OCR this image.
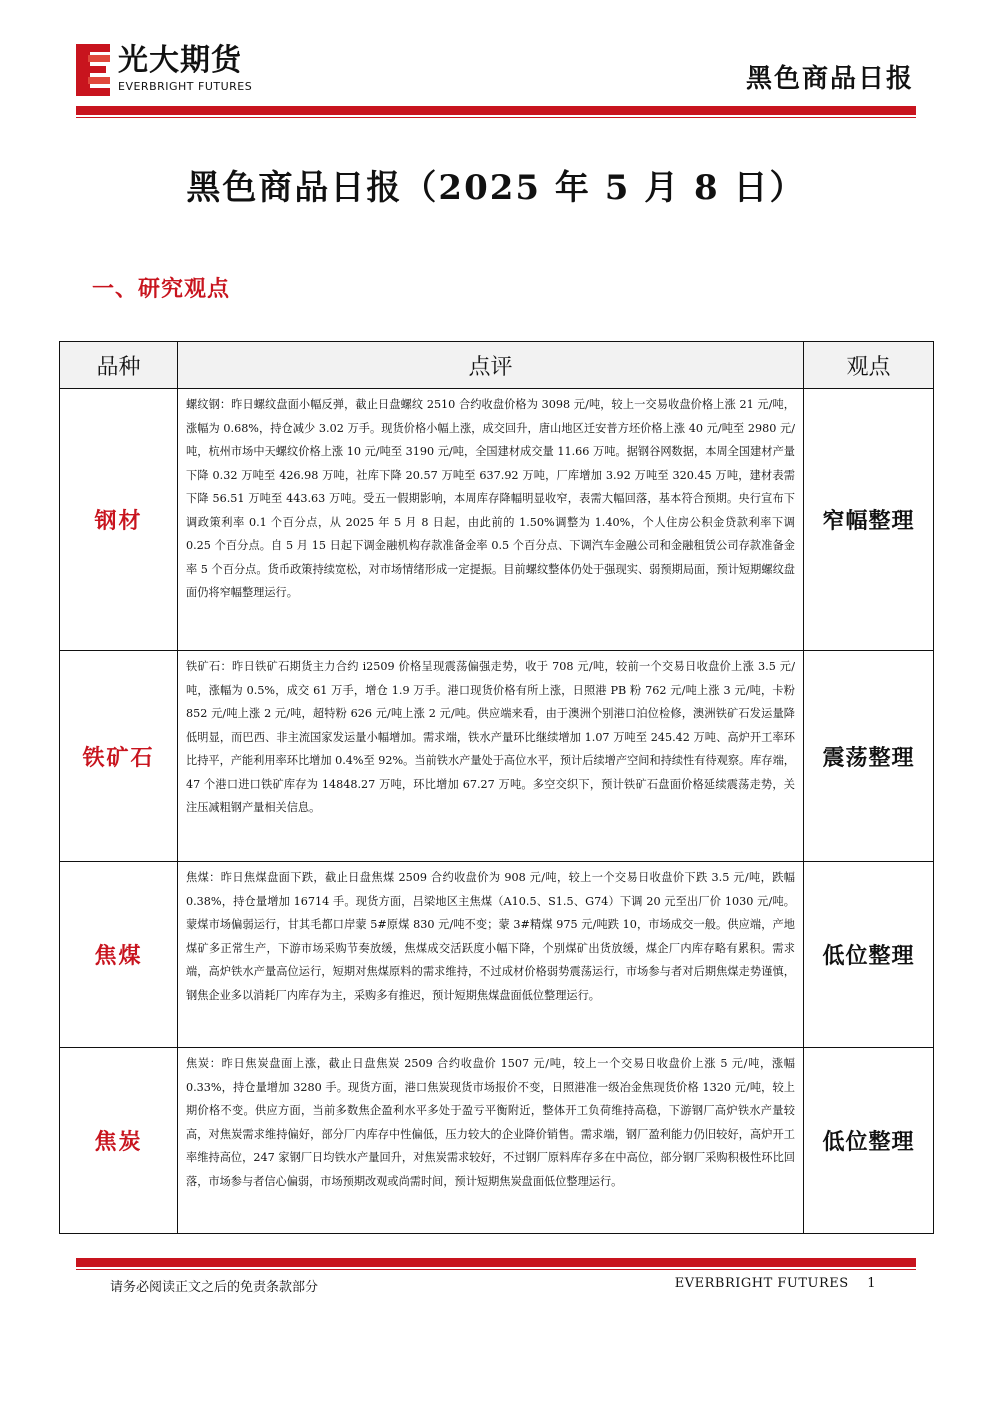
光大期货
EVERBRIGHT FUTURES	黑色商品日报
黑色商品日报（2025 年 5 月 8 日）
一、研究观点
品种	点评	观点
钢材	螺纹钢：昨日螺纹盘面小幅反弹，截止日盘螺纹 2510 合约收盘价格为 3098 元/吨，较上一交易收盘价格上涨 21 元/吨，涨幅为 0.68%，持仓减少 3.02 万手。现货价格小幅上涨，成交回升，唐山地区迁安普方坯价格上涨 40 元/吨至 2980 元/吨，杭州市场中天螺纹价格上涨 10 元/吨至 3190 元/吨，全国建材成交量 11.66 万吨。据钢谷网数据，本周全国建材产量下降 0.32 万吨至 426.98 万吨，社库下降 20.57 万吨至 637.92 万吨，厂库增加 3.92 万吨至 320.45 万吨，建材表需下降 56.51 万吨至 443.63 万吨。受五一假期影响，本周库存降幅明显收窄，表需大幅回落，基本符合预期。央行宣布下调政策利率 0.1 个百分点，从 2025 年 5 月 8 日起，由此前的 1.50%调整为 1.40%，个人住房公积金贷款利率下调 0.25 个百分点。自 5 月 15 日起下调金融机构存款准备金率 0.5 个百分点、下调汽车金融公司和金融租赁公司存款准备金率 5 个百分点。货币政策持续宽松，对市场情绪形成一定提振。目前螺纹整体仍处于强现实、弱预期局面，预计短期螺纹盘面仍将窄幅整理运行。	窄幅整理
铁矿石	铁矿石：昨日铁矿石期货主力合约 i2509 价格呈现震荡偏强走势，收于 708 元/吨，较前一个交易日收盘价上涨 3.5 元/吨，涨幅为 0.5%，成交 61 万手，增仓 1.9 万手。港口现货价格有所上涨，日照港 PB 粉 762 元/吨上涨 3 元/吨，卡粉 852 元/吨上涨 2 元/吨，超特粉 626 元/吨上涨 2 元/吨。供应端来看，由于澳洲个别港口泊位检修，澳洲铁矿石发运量降低明显，而巴西、非主流国家发运量小幅增加。需求端，铁水产量环比继续增加 1.07 万吨至 245.42 万吨、高炉开工率环比持平，产能利用率环比增加 0.4%至 92%。当前铁水产量处于高位水平，预计后续增产空间和持续性有待观察。库存端，47 个港口进口铁矿库存为 14848.27 万吨，环比增加 67.27 万吨。多空交织下，预计铁矿石盘面价格延续震荡走势，关注压减粗钢产量相关信息。	震荡整理
焦煤	焦煤：昨日焦煤盘面下跌，截止日盘焦煤 2509 合约收盘价为 908 元/吨，较上一个交易日收盘价下跌 3.5 元/吨，跌幅 0.38%，持仓量增加 16714 手。现货方面，吕梁地区主焦煤（A10.5、S1.5、G74）下调 20 元至出厂价 1030 元/吨。蒙煤市场偏弱运行，甘其毛都口岸蒙 5#原煤 830 元/吨不变；蒙 3#精煤 975 元/吨跌 10，市场成交一般。供应端，产地煤矿多正常生产，下游市场采购节奏放缓，焦煤成交活跃度小幅下降，个别煤矿出货放缓，煤企厂内库存略有累积。需求端，高炉铁水产量高位运行，短期对焦煤原料的需求维持，不过成材价格弱势震荡运行，市场参与者对后期焦煤走势谨慎，钢焦企业多以消耗厂内库存为主，采购多有推迟，预计短期焦煤盘面低位整理运行。	低位整理
焦炭	焦炭：昨日焦炭盘面上涨，截止日盘焦炭 2509 合约收盘价 1507 元/吨，较上一个交易日收盘价上涨 5 元/吨，涨幅 0.33%，持仓量增加 3280 手。现货方面，港口焦炭现货市场报价不变，日照港准一级冶金焦现货价格 1320 元/吨，较上期价格不变。供应方面，当前多数焦企盈利水平多处于盈亏平衡附近，整体开工负荷维持高稳，下游钢厂高炉铁水产量较高，对焦炭需求维持偏好，部分厂内库存中性偏低，压力较大的企业降价销售。需求端，钢厂盈利能力仍旧较好，高炉开工率维持高位，247 家钢厂日均铁水产量回升，对焦炭需求较好，不过钢厂原料库存多在中高位，部分钢厂采购积极性环比回落，市场参与者信心偏弱，市场预期改观或尚需时间，预计短期焦炭盘面低位整理运行。	低位整理
请务必阅读正文之后的免责条款部分	EVERBRIGHT FUTURES 1
